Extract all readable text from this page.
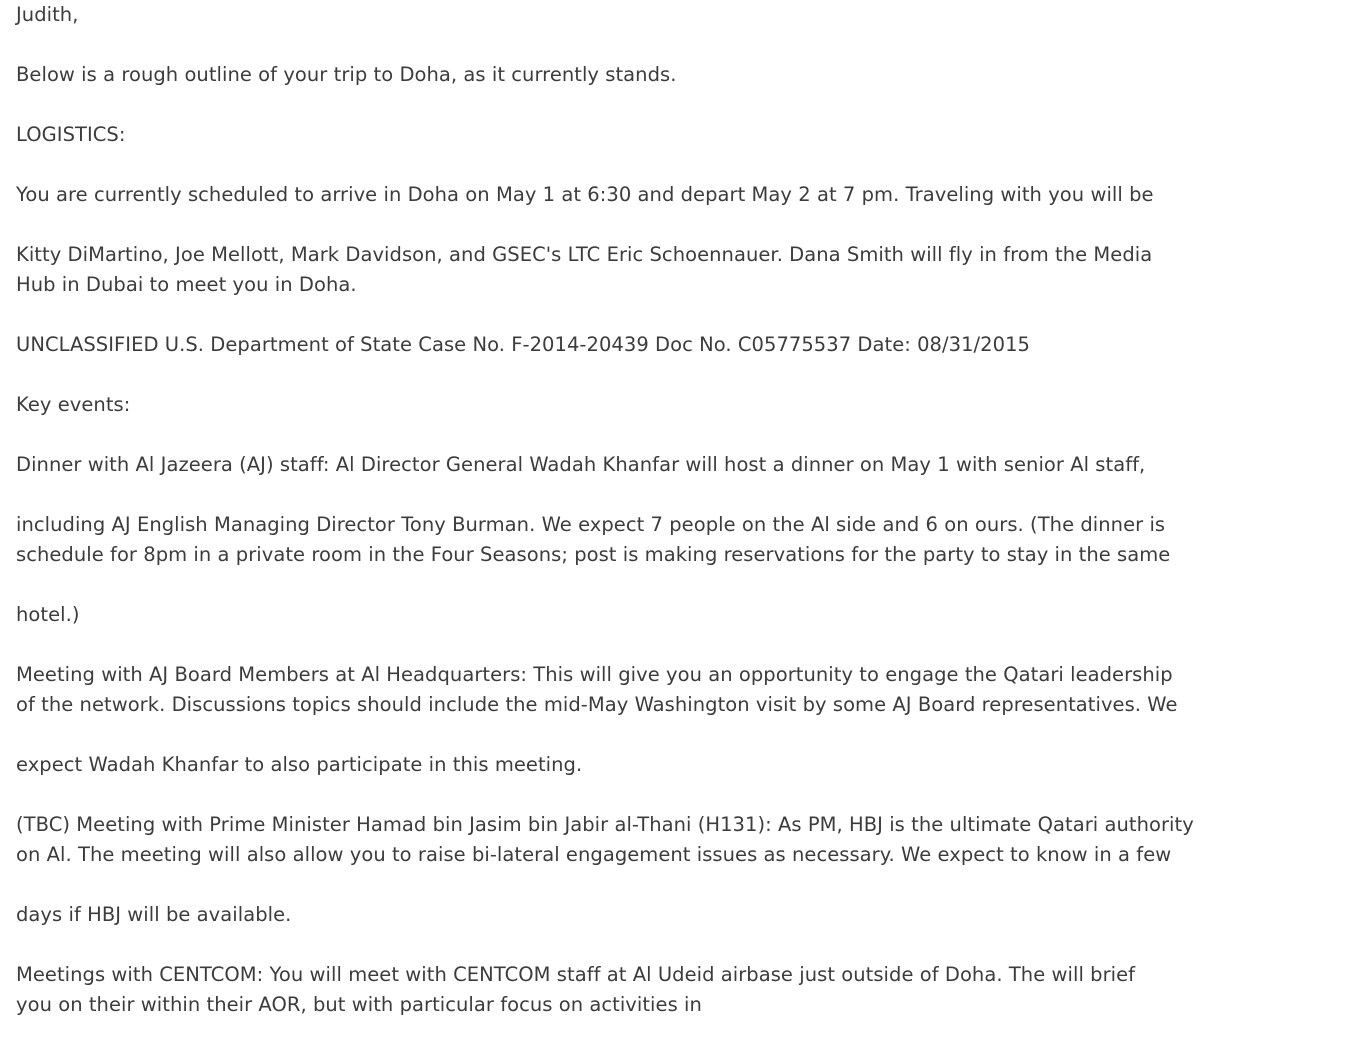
Judith,
Below is a rough outline of your trip to Doha, as it currently stands.
LOGISTICS:
You are currently scheduled to arrive in Doha on May 1 at 6:30 and depart May 2 at 7 pm. Traveling with you will be
Kitty DiMartino, Joe Mellott, Mark Davidson, and GSEC's LTC Eric Schoennauer. Dana Smith will fly in from the Media
Hub in Dubai to meet you in Doha.
UNCLASSIFIED U.S. Department of State Case No. F-2014-20439 Doc No. C05775537 Date: 08/31/2015
Key events:
Dinner with Al Jazeera (AJ) staff: Al Director General Wadah Khanfar will host a dinner on May 1 with senior Al staff,
including AJ English Managing Director Tony Burman. We expect 7 people on the Al side and 6 on ours. (The dinner is
schedule for 8pm in a private room in the Four Seasons; post is making reservations for the party to stay in the same
hotel.)
Meeting with AJ Board Members at Al Headquarters: This will give you an opportunity to engage the Qatari leadership
of the network. Discussions topics should include the mid-May Washington visit by some AJ Board representatives. We
expect Wadah Khanfar to also participate in this meeting.
(TBC) Meeting with Prime Minister Hamad bin Jasim bin Jabir al-Thani (H131): As PM, HBJ is the ultimate Qatari authority
on Al. The meeting will also allow you to raise bi-lateral engagement issues as necessary. We expect to know in a few
days if HBJ will be available.
Meetings with CENTCOM: You will meet with CENTCOM staff at Al Udeid airbase just outside of Doha. The will brief
you on their within their AOR, but with particular focus on activities in
